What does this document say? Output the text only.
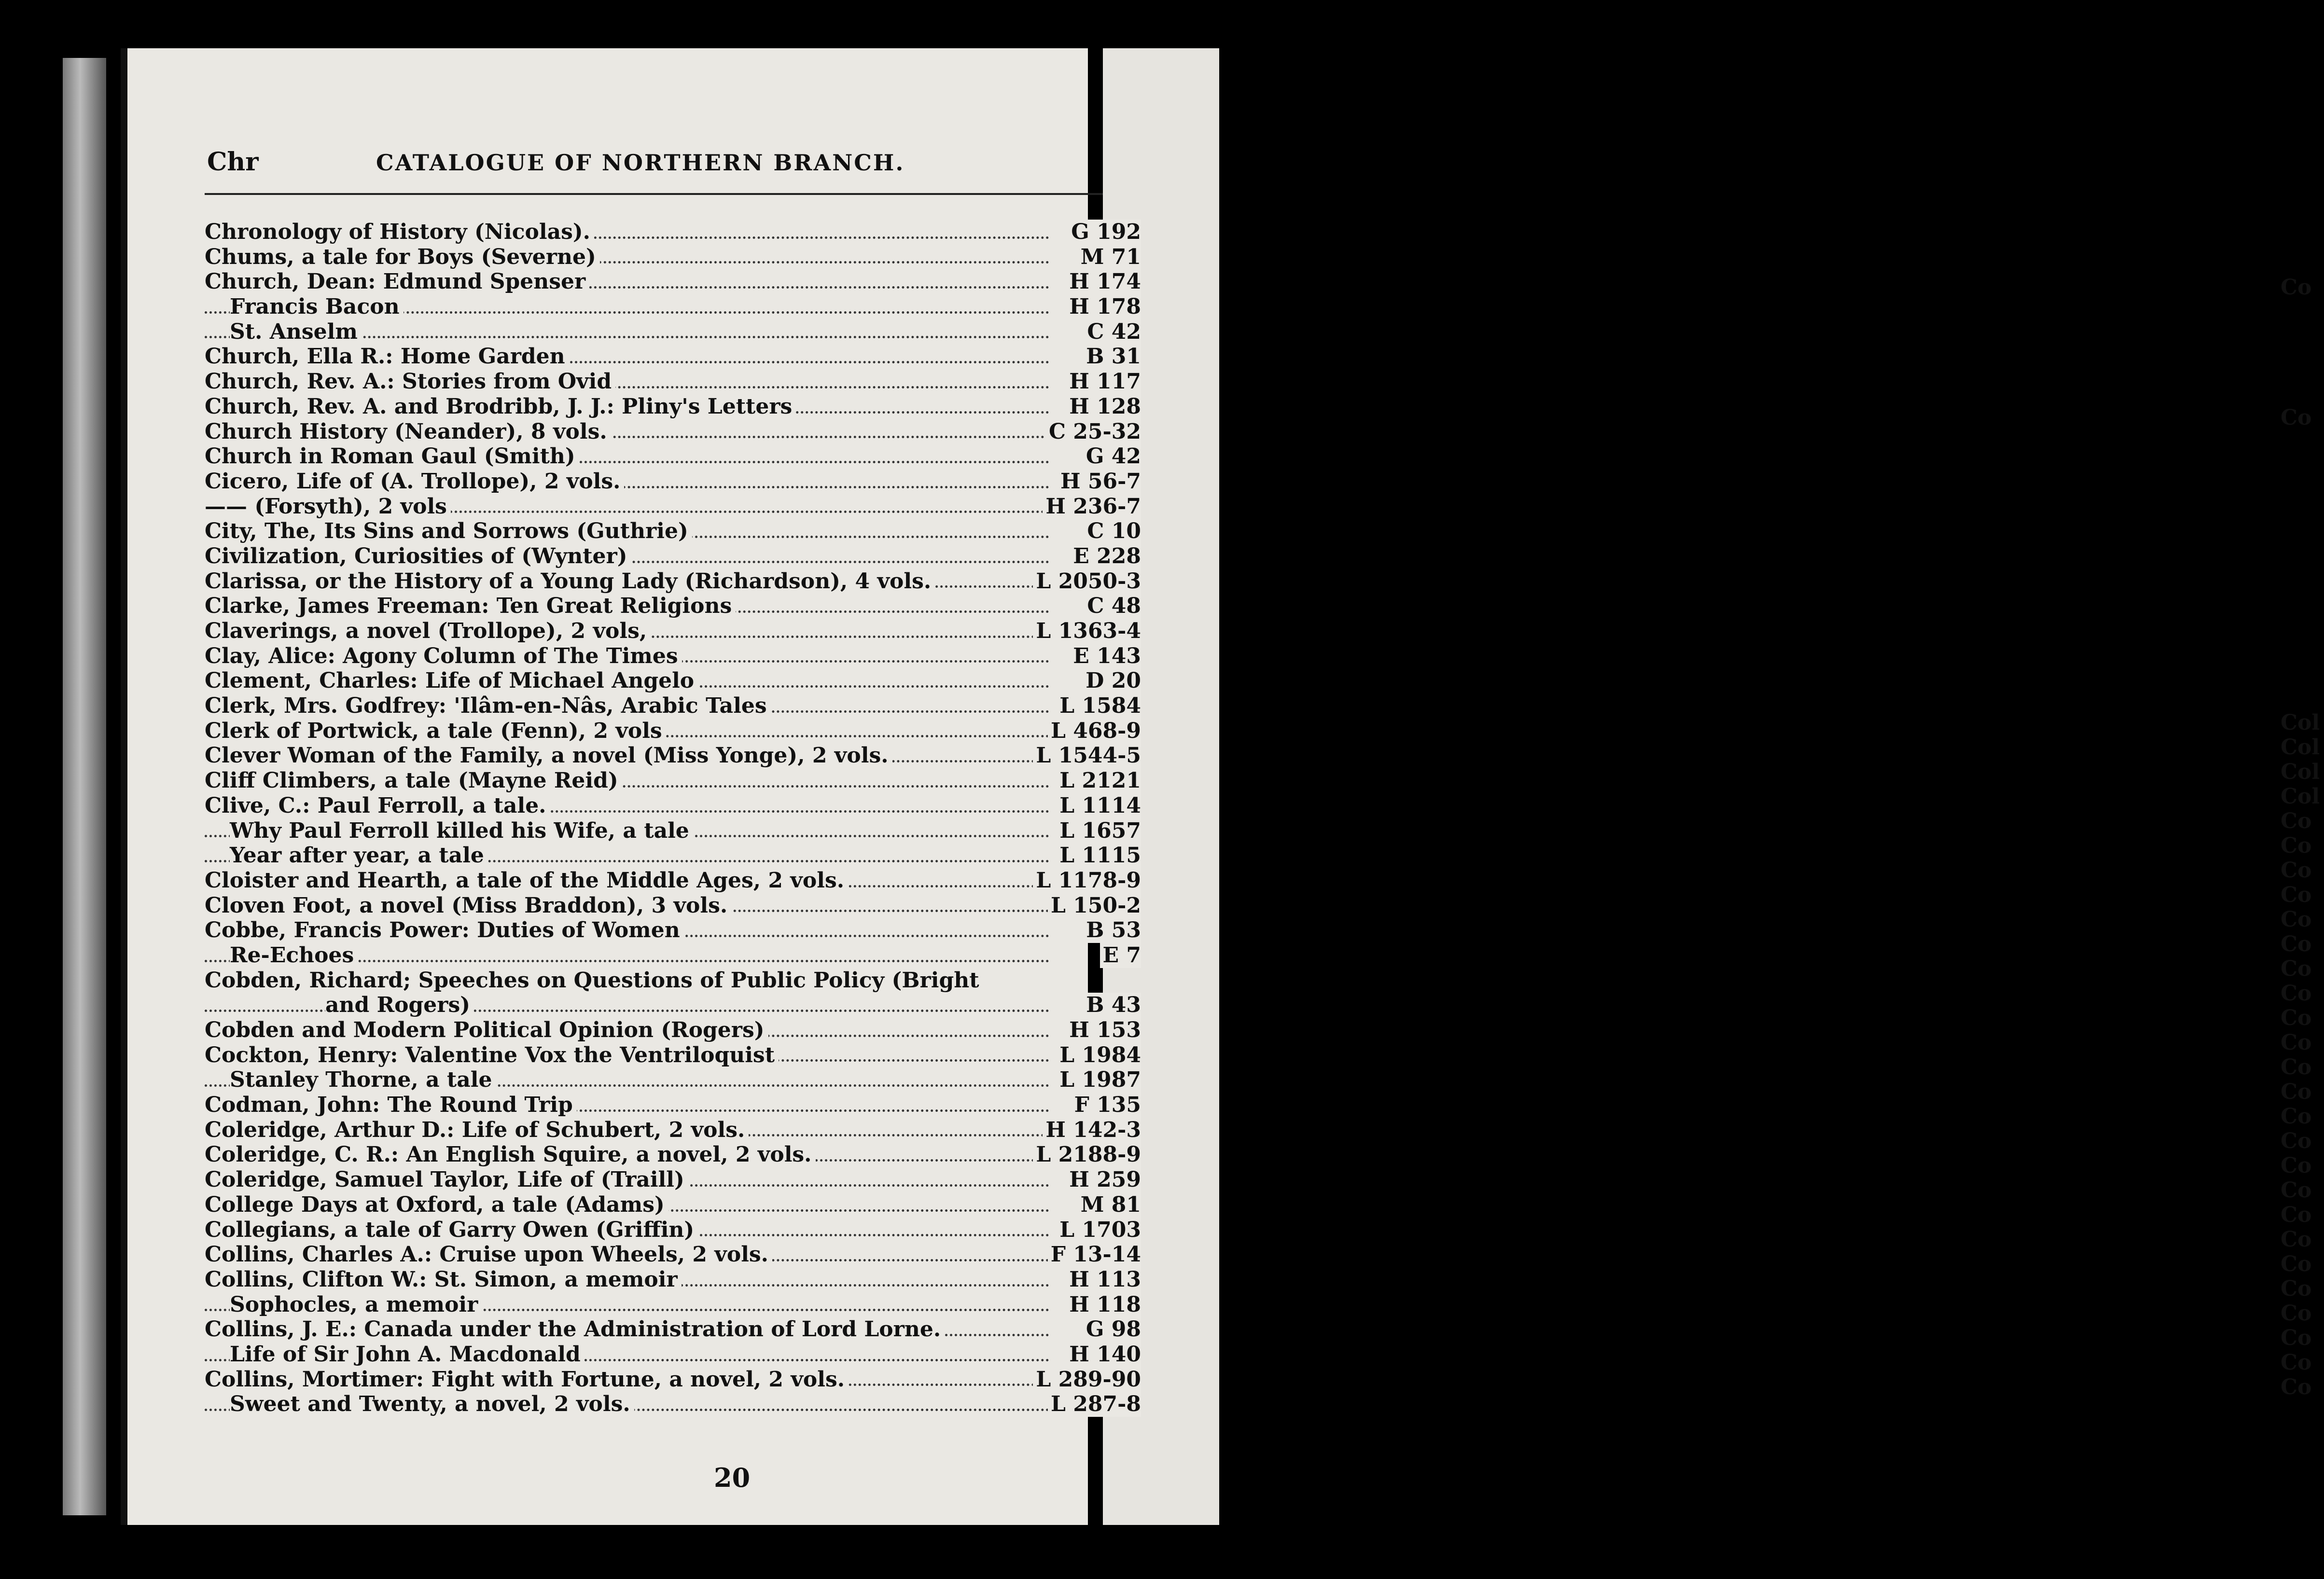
Chr	CATALOGUE OF NORTHERN BRANCH.
Chronology of History (Nicolas).	G 192
Chums, a tale for Boys (Severne)	M 71
Church, Dean: Edmund Spenser	H 174
Francis Bacon	H 178
St. Anselm	C 42
Church, Ella R.: Home Garden	B 31
Church, Rev. A.: Stories from Ovid	H 117
Church, Rev. A. and Brodribb, J. J.: Pliny's Letters	H 128
Church History (Neander), 8 vols.	C 25-32
Church in Roman Gaul (Smith)	G 42
Cicero, Life of (A. Trollope), 2 vols.	H 56-7
—— (Forsyth), 2 vols	H 236-7
City, The, Its Sins and Sorrows (Guthrie)	C 10
Civilization, Curiosities of (Wynter)	E 228
Clarissa, or the History of a Young Lady (Richardson), 4 vols.	L 2050-3
Clarke, James Freeman: Ten Great Religions	C 48
Claverings, a novel (Trollope), 2 vols,	L 1363-4
Clay, Alice: Agony Column of The Times	E 143
Clement, Charles: Life of Michael Angelo	D 20
Clerk, Mrs. Godfrey: 'Ilâm-en-Nâs, Arabic Tales	L 1584
Clerk of Portwick, a tale (Fenn), 2 vols	L 468-9
Clever Woman of the Family, a novel (Miss Yonge), 2 vols.	L 1544-5
Cliff Climbers, a tale (Mayne Reid)	L 2121
Clive, C.: Paul Ferroll, a tale.	L 1114
Why Paul Ferroll killed his Wife, a tale	L 1657
Year after year, a tale	L 1115
Cloister and Hearth, a tale of the Middle Ages, 2 vols.	L 1178-9
Cloven Foot, a novel (Miss Braddon), 3 vols.	L 150-2
Cobbe, Francis Power: Duties of Women	B 53
Re-Echoes	E 7
Cobden, Richard; Speeches on Questions of Public Policy (Bright
and Rogers)	B 43
Cobden and Modern Political Opinion (Rogers)	H 153
Cockton, Henry: Valentine Vox the Ventriloquist	L 1984
Stanley Thorne, a tale	L 1987
Codman, John: The Round Trip	F 135
Coleridge, Arthur D.: Life of Schubert, 2 vols.	H 142-3
Coleridge, C. R.: An English Squire, a novel, 2 vols.	L 2188-9
Coleridge, Samuel Taylor, Life of (Traill)	H 259
College Days at Oxford, a tale (Adams)	M 81
Collegians, a tale of Garry Owen (Griffin)	L 1703
Collins, Charles A.: Cruise upon Wheels, 2 vols.	F 13-14
Collins, Clifton W.: St. Simon, a memoir	H 113
Sophocles, a memoir	H 118
Collins, J. E.: Canada under the Administration of Lord Lorne.	G 98
Life of Sir John A. Macdonald	H 140
Collins, Mortimer: Fight with Fortune, a novel, 2 vols.	L 289-90
Sweet and Twenty, a novel, 2 vols.	L 287-8
20
Co
Co
Col
Col
Col
Col
Co
Co
Co
Co
Co
Co
Co
Co
Co
Co
Co
Co
Co
Co
Co
Co
Co
Co
Co
Co
Co
Co
Co
Co
